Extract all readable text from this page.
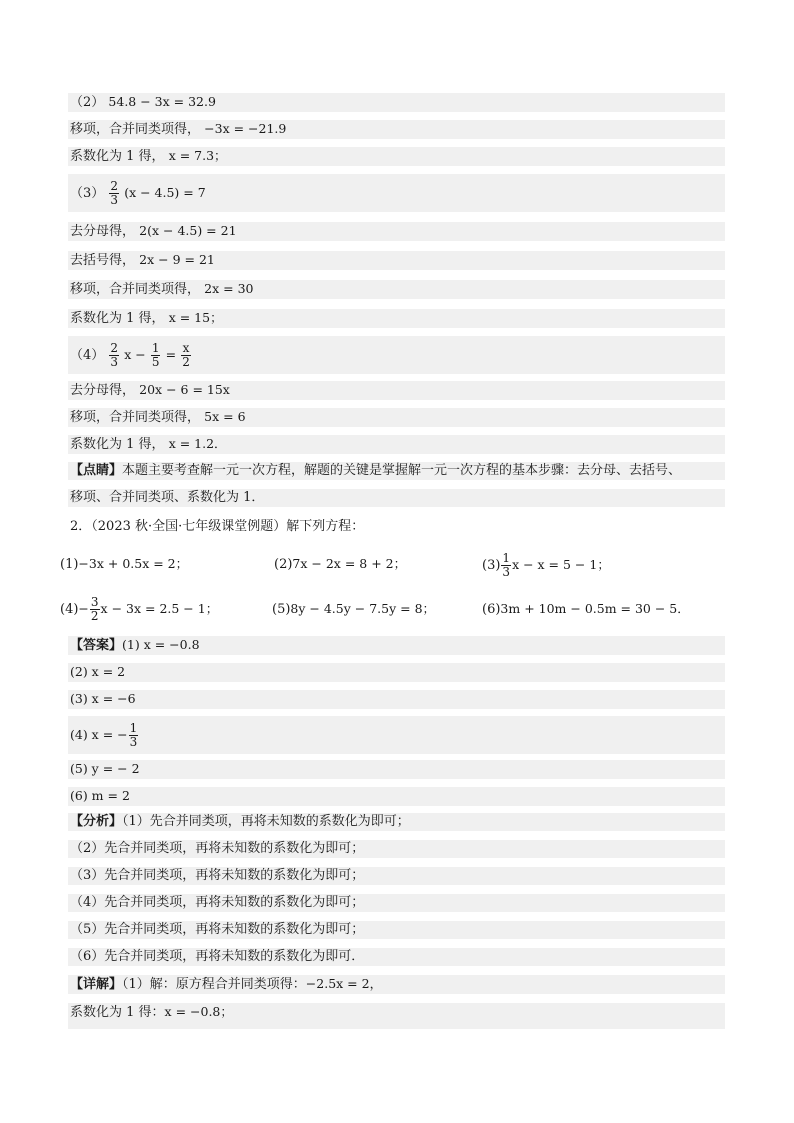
（2） 54.8 − 3x = 32.9
移项，合并同类项得， −3x = −21.9
系数化为 1 得， x = 7.3；
$(3) \frac{2}{3} (x - 4.5) = 7$
去分母得， 2(x − 4.5) = 21
去括号得， 2x − 9 = 21
移项，合并同类项得， 2x = 30
系数化为 1 得， x = 15；
$(4) \frac{2}{3}$ $x - \frac{1}{5} = \frac{x}{2}$
去分母得， 20x − 6 = 15x
移项，合并同类项得， 5x = 6
系数化为 1 得， x = 1.2．
【点睛】本题主要考查解一元一次方程，解题的关键是掌握解一元一次方程的基本步骤：去分母、去括号、
移项、合并同类项、系数化为 1．
2．（2023 秋·全国·七年级课堂例题）解下列方程：
(1)−3x + 0.5x = 2；	(2)7x − 2x = 8 + 2；	$(3) \frac{1}{3}$ x − x = 5 − 1；
$(4)- \frac{3}{2}$ x − 3x = 2.5 − 1；	(5)8y − 4.5y − 7.5y = 8；	(6)3m + 10m − 0.5m = 30 − 5．
【答案】(1) x = −0.8
(2) x = 2
(3) x = −6
(4) x = − $\frac{1}{3}$
(5) y = − 2
(6) m = 2
【分析】（1）先合并同类项，再将未知数的系数化为即可；
（2）先合并同类项，再将未知数的系数化为即可；
（3）先合并同类项，再将未知数的系数化为即可；
（4）先合并同类项，再将未知数的系数化为即可；
（5）先合并同类项，再将未知数的系数化为即可；
（6）先合并同类项，再将未知数的系数化为即可．
【详解】（1）解：原方程合并同类项得：−2.5x = 2，
系数化为 1 得：x = −0.8；
